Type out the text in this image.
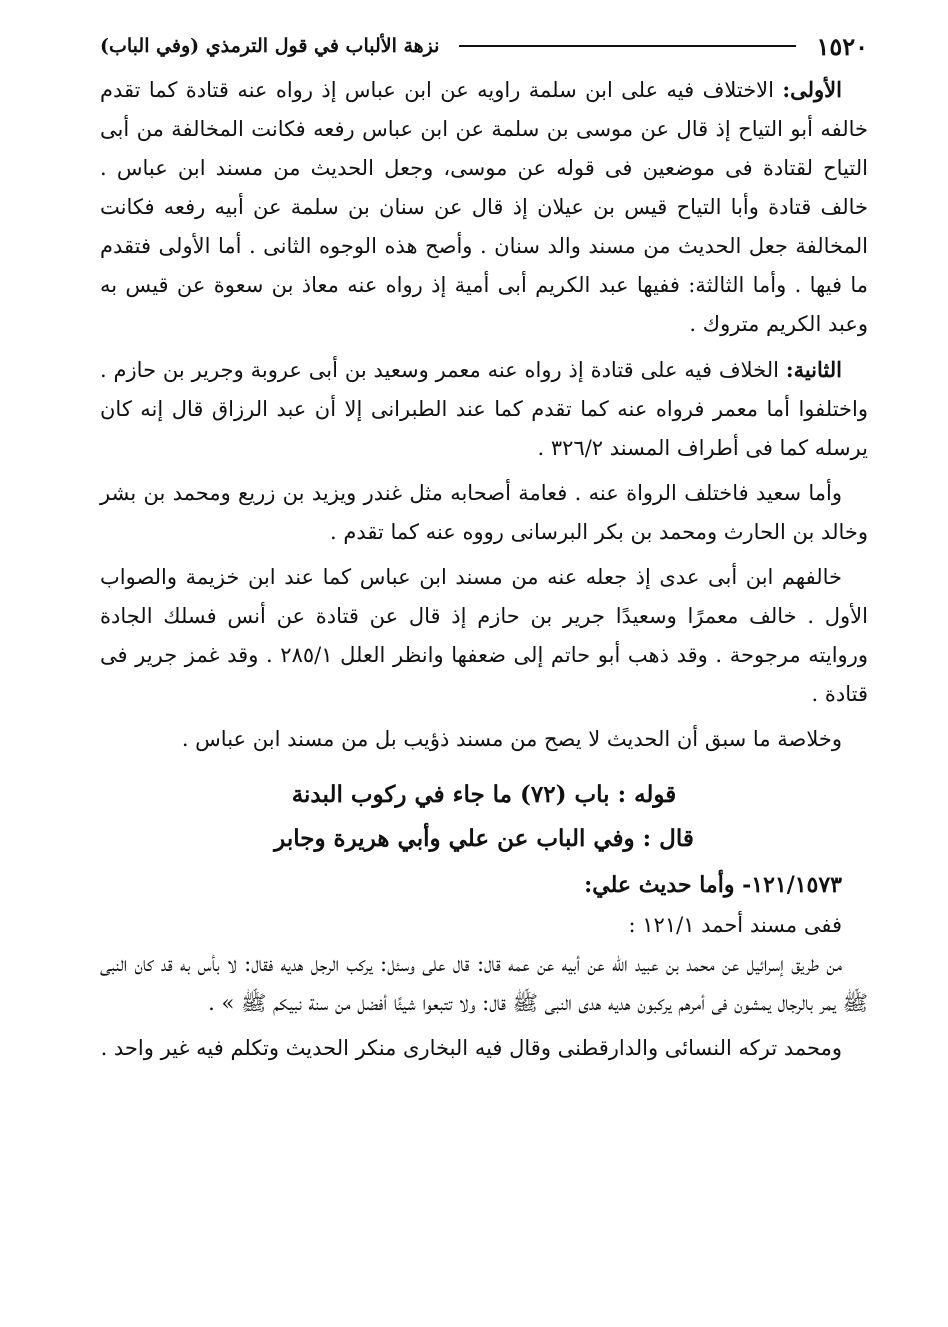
١٥٢٠
نزهة الألباب في قول الترمذي (وفي الباب)

الأولى: الاختلاف فيه على ابن سلمة راويه عن ابن عباس إذ رواه عنه قتادة كما تقدم خالفه أبو التياح إذ قال عن موسى بن سلمة عن ابن عباس رفعه فكانت المخالفة من أبى التياح لقتادة فى موضعين فى قوله عن موسى، وجعل الحديث من مسند ابن عباس . خالف قتادة وأبا التياح قيس بن عيلان إذ قال عن سنان بن سلمة عن أبيه رفعه فكانت المخالفة جعل الحديث من مسند والد سنان . وأصح هذه الوجوه الثانى . أما الأولى فتقدم ما فيها . وأما الثالثة: ففيها عبد الكريم أبى أمية إذ رواه عنه معاذ بن سعوة عن قيس به وعبد الكريم متروك .

الثانية: الخلاف فيه على قتادة إذ رواه عنه معمر وسعيد بن أبى عروبة وجرير بن حازم . واختلفوا أما معمر فرواه عنه كما تقدم كما عند الطبرانى إلا أن عبد الرزاق قال إنه كان يرسله كما فى أطراف المسند ٣٢٦/٢ .

وأما سعيد فاختلف الرواة عنه . فعامة أصحابه مثل غندر ويزيد بن زريع ومحمد بن بشر وخالد بن الحارث ومحمد بن بكر البرسانى رووه عنه كما تقدم .

خالفهم ابن أبى عدى إذ جعله عنه من مسند ابن عباس كما عند ابن خزيمة والصواب الأول . خالف معمرًا وسعيدًا جرير بن حازم إذ قال عن قتادة عن أنس فسلك الجادة وروايته مرجوحة . وقد ذهب أبو حاتم إلى ضعفها وانظر العلل ٢٨٥/١ . وقد غمز جرير فى قتادة .

وخلاصة ما سبق أن الحديث لا يصح من مسند ذؤيب بل من مسند ابن عباس .

قوله : باب (٧٢) ما جاء في ركوب البدنة
قال : وفي الباب عن علي وأبي هريرة وجابر
١٢١/١٥٧٣- وأما حديث علي:
ففى مسند أحمد ١٢١/١ :

من طريق إسرائيل عن محمد بن عبيد الله عن أبيه عن عمه قال: قال على وسئل: يركب الرجل هديه فقال: لا بأس به قد كان النبى ﷺ يمر بالرجال يمشون فى أمرهم يركبون هديه هدى النبى ﷺ قال: ولا تتبعوا شيئًا أفضل من سنة نبيكم ﷺ » .

ومحمد تركه النسائى والدارقطنى وقال فيه البخارى منكر الحديث وتكلم فيه غير واحد .
